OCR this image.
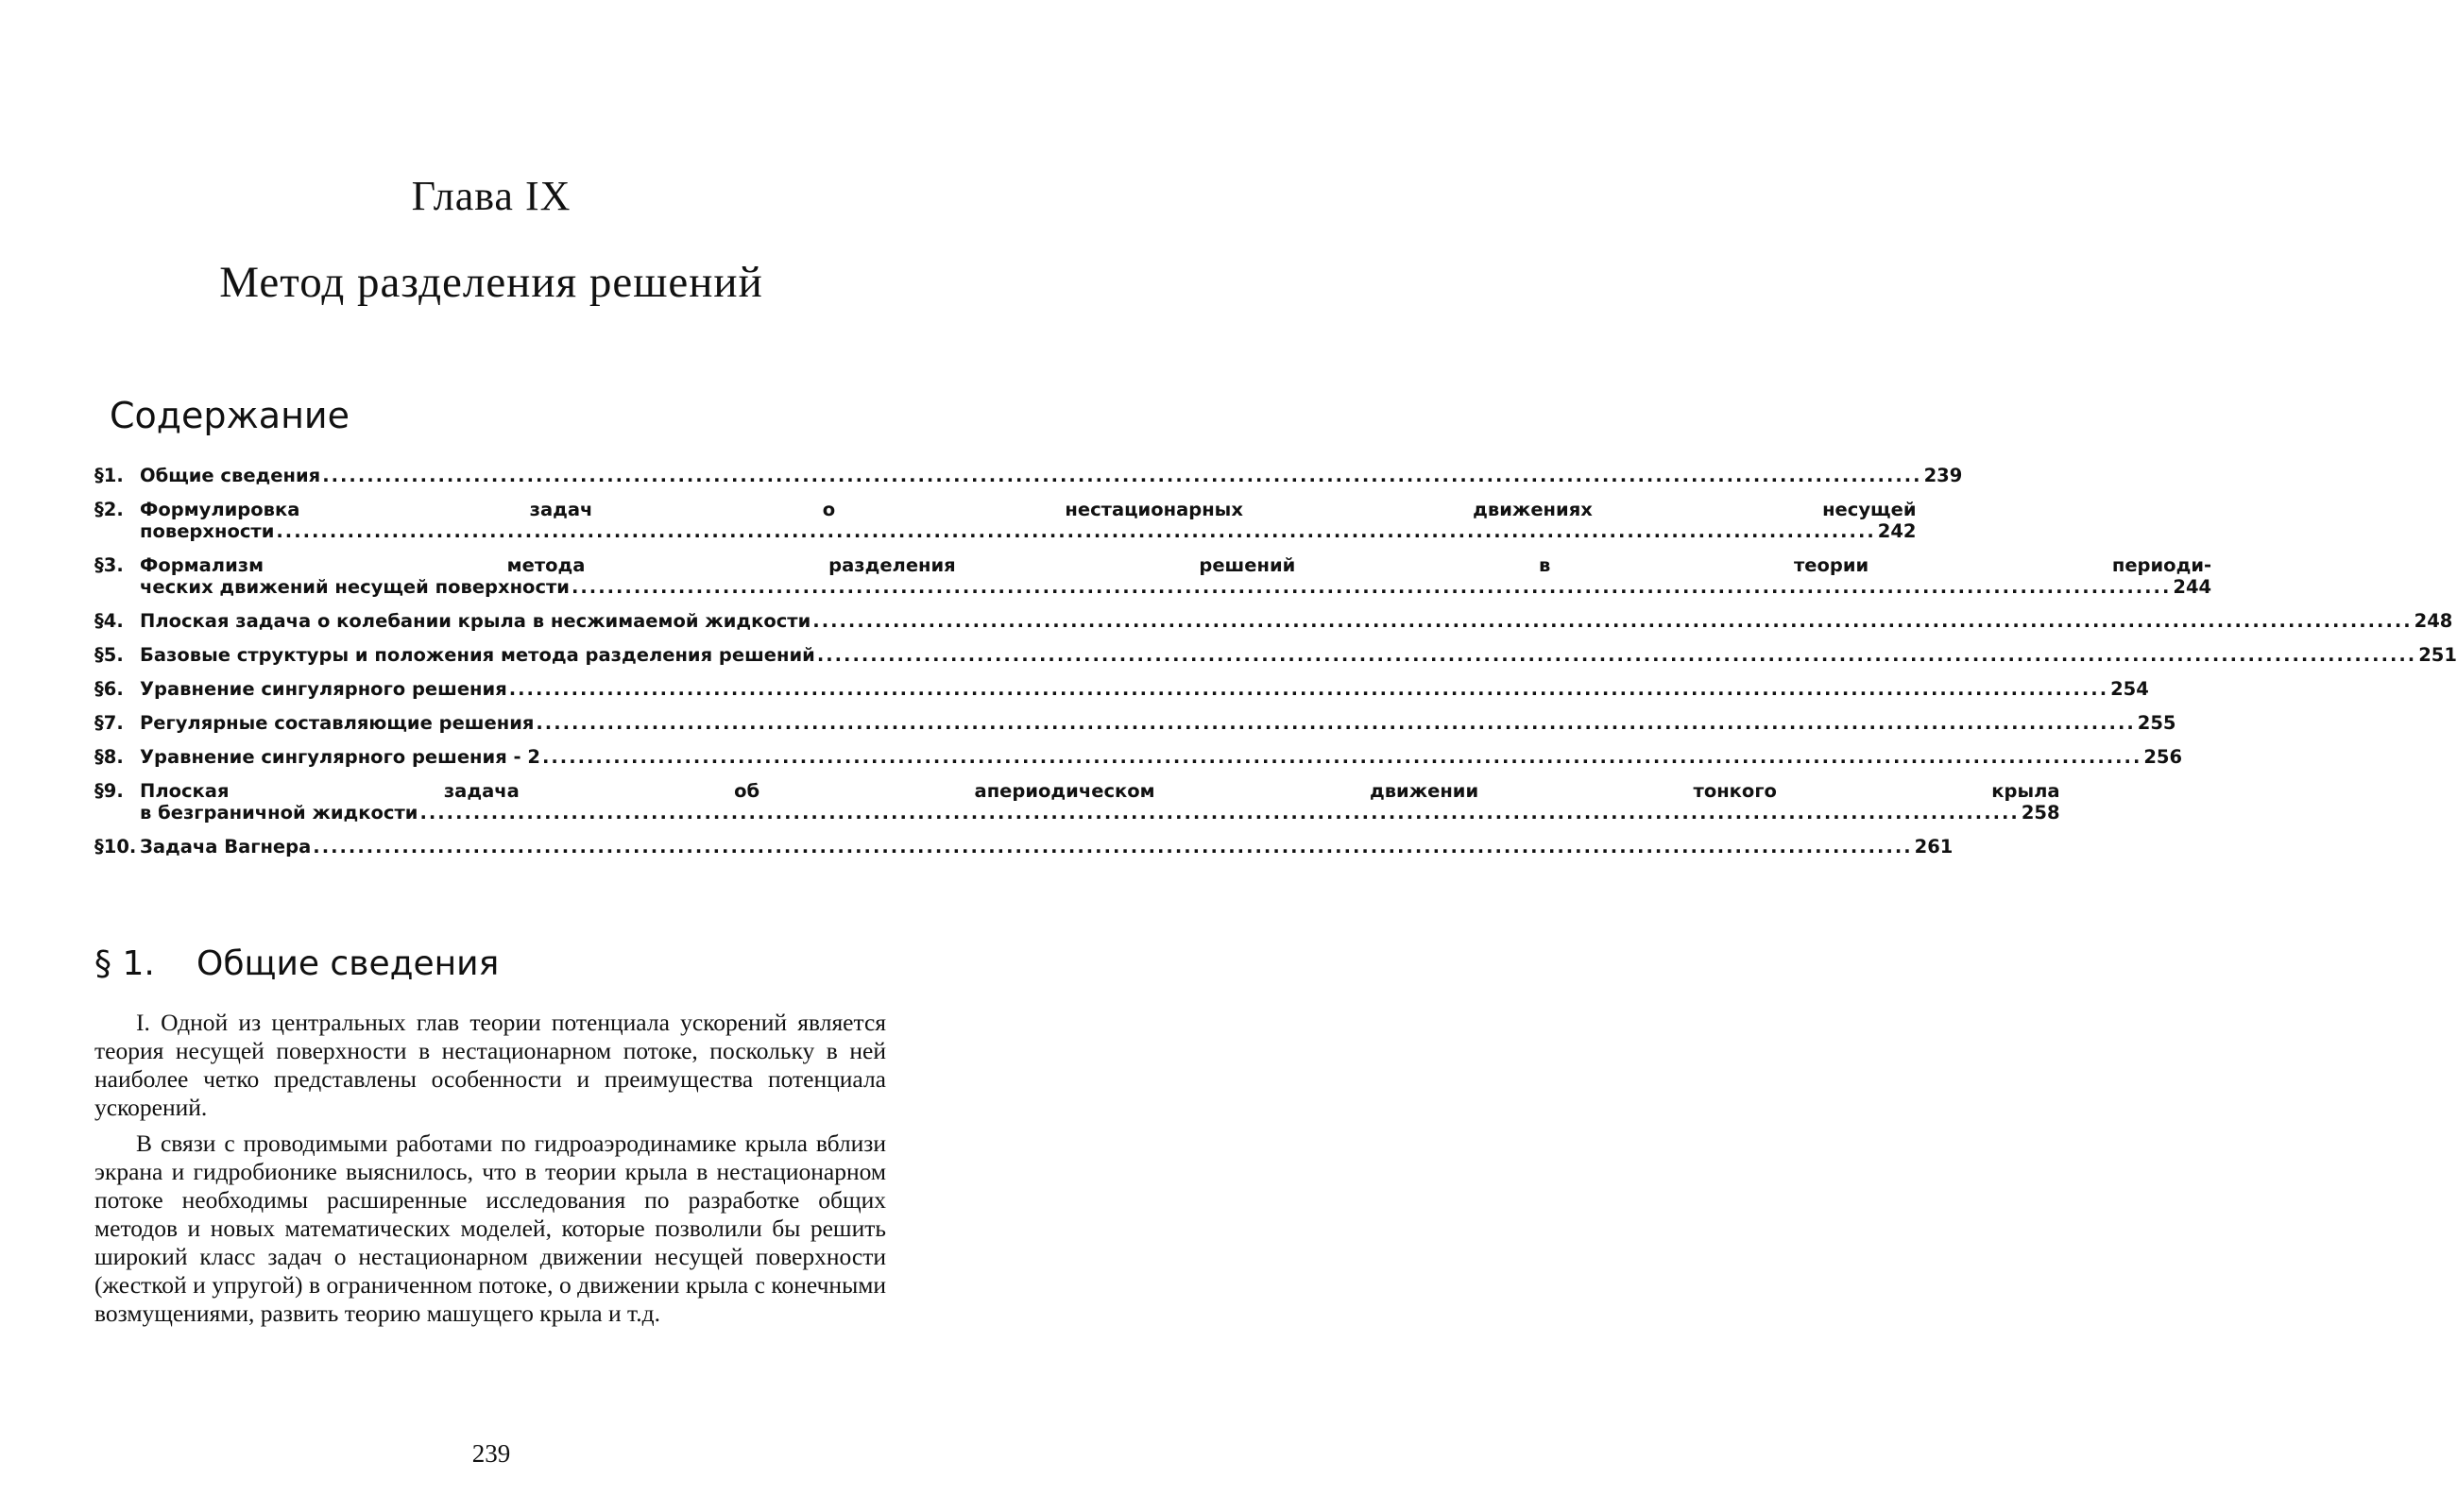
Глава IX
Метод разделения решений
Содержание
§1. Общие сведения .....	239
§2. Формулировка задач о нестационарных движениях несущей
поверхности .....	242
§3. Формализм метода разделения решений в теории периоди-
ческих движений несущей поверхности .....	244
§4. Плоская задача о колебании крыла в несжимаемой жидкости .....	248
§5. Базовые структуры и положения метода разделения решений .....	251
§6. Уравнение сингулярного решения .....	254
§7. Регулярные составляющие решения .....	255
§8. Уравнение сингулярного решения - 2 .....	256
§9. Плоская задача об апериодическом движении тонкого крыла
в безграничной жидкости .....	258
§10. Задача Вагнера .....	261
§ 1. Общие сведения

I. Одной из центральных глав теории потенциала ускорений является теория несущей поверхности в нестационарном потоке, поскольку в ней наиболее четко представлены особенности и преимущества потенциала ускорений.

В связи с проводимыми работами по гидроаэродинамике крыла вблизи экрана и гидробионике выяснилось, что в теории крыла в нестационарном потоке необходимы расширенные исследования по разработке общих методов и новых математических моделей, которые позволили бы решить широкий класс задач о нестационарном движении несущей поверхности (жесткой и упругой) в ограниченном потоке, о движении крыла с конечными возмущениями, развить теорию машущего крыла и т.д.

239
